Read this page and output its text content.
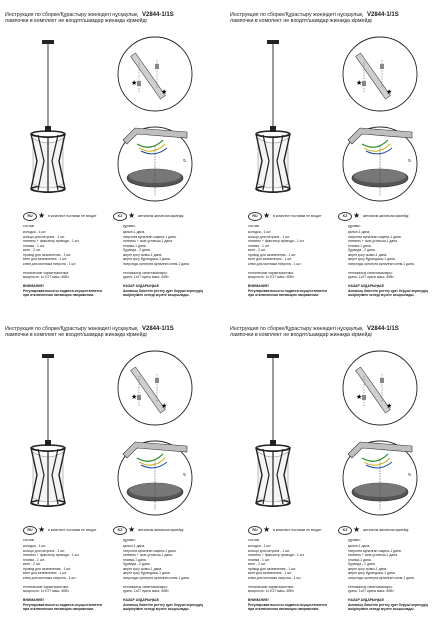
Инструкция по сборке/Құрастыру жөніндегі нұсқаулық V2844-1/1S
лампочки в комплект не входят/шамдар жинаққа кірмейді
★
★
↻
RU ★ в комплект поставки не входит	KZ ★ жеткізілім жинағына кірмейді
состав:
колодка - 1 шт.
кольцо для патрона - 1 шт.
ниппель + фиксатор провода - 1 шт.
планка - 1 шт.
винт - 2 шт.
провод для заземления - 1 шт.
винт для заземления - 1 шт.
клем для монтажа патрона - 1 шт.
технические характеристики:
мощность: 1х E27 макс. 60Вт
ВНИМАНИЕ!
Регулировка высоты подвеса осуществляется
при отключенном питающем напряжении.
құрамы:
қалып-1 дана.
патронға арналған сақина-1 дана.
ниппель + сым ұстағыш-1 дана.
планка-1 дана.
бұрандa - 2 дана.
жерге қосу сымы-1 дана.
жерге қосу бұрандасы-1 дана.
патронды орнатуға арналған клем-1 дана.
техникалық сипаттамалары:
қуаты: 1х27 куаты макс. 60Вт
НАЗАР АУДАРЫҢЫЗ!
Аспаның биіктігін реттеу қуат беруші кернеудің
өшірілуімен келеді жүзеге асырылады.
Инструкция по сборке/Құрастыру жөніндегі нұсқаулық V2844-1/1S
лампочки в комплект не входят/шамдар жинаққа кірмейді
★
★
↻
RU ★ в комплект поставки не входит	KZ ★ жеткізілім жинағына кірмейді
состав:
колодка - 1 шт.
кольцо для патрона - 1 шт.
ниппель + фиксатор провода - 1 шт.
планка - 1 шт.
винт - 2 шт.
провод для заземления - 1 шт.
винт для заземления - 1 шт.
клем для монтажа патрона - 1 шт.
технические характеристики:
мощность: 1х E27 макс. 60Вт
ВНИМАНИЕ!
Регулировка высоты подвеса осуществляется
при отключенном питающем напряжении.
құрамы:
қалып-1 дана.
патронға арналған сақина-1 дана.
ниппель + сым ұстағыш-1 дана.
планка-1 дана.
бұрандa - 2 дана.
жерге қосу сымы-1 дана.
жерге қосу бұрандасы-1 дана.
патронды орнатуға арналған клем-1 дана.
техникалық сипаттамалары:
қуаты: 1х27 куаты макс. 60Вт
НАЗАР АУДАРЫҢЫЗ!
Аспаның биіктігін реттеу қуат беруші кернеудің
өшірілуімен келеді жүзеге асырылады.
Инструкция по сборке/Құрастыру жөніндегі нұсқаулық V2844-1/1S
лампочки в комплект не входят/шамдар жинаққа кірмейді
★
★
↻
RU ★ в комплект поставки не входит	KZ ★ жеткізілім жинағына кірмейді
состав:
колодка - 1 шт.
кольцо для патрона - 1 шт.
ниппель + фиксатор провода - 1 шт.
планка - 1 шт.
винт - 2 шт.
провод для заземления - 1 шт.
винт для заземления - 1 шт.
клем для монтажа патрона - 1 шт.
технические характеристики:
мощность: 1х E27 макс. 60Вт
ВНИМАНИЕ!
Регулировка высоты подвеса осуществляется
при отключенном питающем напряжении.
құрамы:
қалып-1 дана.
патронға арналған сақина-1 дана.
ниппель + сым ұстағыш-1 дана.
планка-1 дана.
бұрандa - 2 дана.
жерге қосу сымы-1 дана.
жерге қосу бұрандасы-1 дана.
патронды орнатуға арналған клем-1 дана.
техникалық сипаттамалары:
қуаты: 1х27 куаты макс. 60Вт
НАЗАР АУДАРЫҢЫЗ!
Аспаның биіктігін реттеу қуат беруші кернеудің
өшірілуімен келеді жүзеге асырылады.
Инструкция по сборке/Құрастыру жөніндегі нұсқаулық V2844-1/1S
лампочки в комплект не входят/шамдар жинаққа кірмейді
★
★
↻
RU ★ в комплект поставки не входит	KZ ★ жеткізілім жинағына кірмейді
состав:
колодка - 1 шт.
кольцо для патрона - 1 шт.
ниппель + фиксатор провода - 1 шт.
планка - 1 шт.
винт - 2 шт.
провод для заземления - 1 шт.
винт для заземления - 1 шт.
клем для монтажа патрона - 1 шт.
технические характеристики:
мощность: 1х E27 макс. 60Вт
ВНИМАНИЕ!
Регулировка высоты подвеса осуществляется
при отключенном питающем напряжении.
құрамы:
қалып-1 дана.
патронға арналған сақина-1 дана.
ниппель + сым ұстағыш-1 дана.
планка-1 дана.
бұрандa - 2 дана.
жерге қосу сымы-1 дана.
жерге қосу бұрандасы-1 дана.
патронды орнатуға арналған клем-1 дана.
техникалық сипаттамалары:
қуаты: 1х27 куаты макс. 60Вт
НАЗАР АУДАРЫҢЫЗ!
Аспаның биіктігін реттеу қуат беруші кернеудің
өшірілуімен келеді жүзеге асырылады.
